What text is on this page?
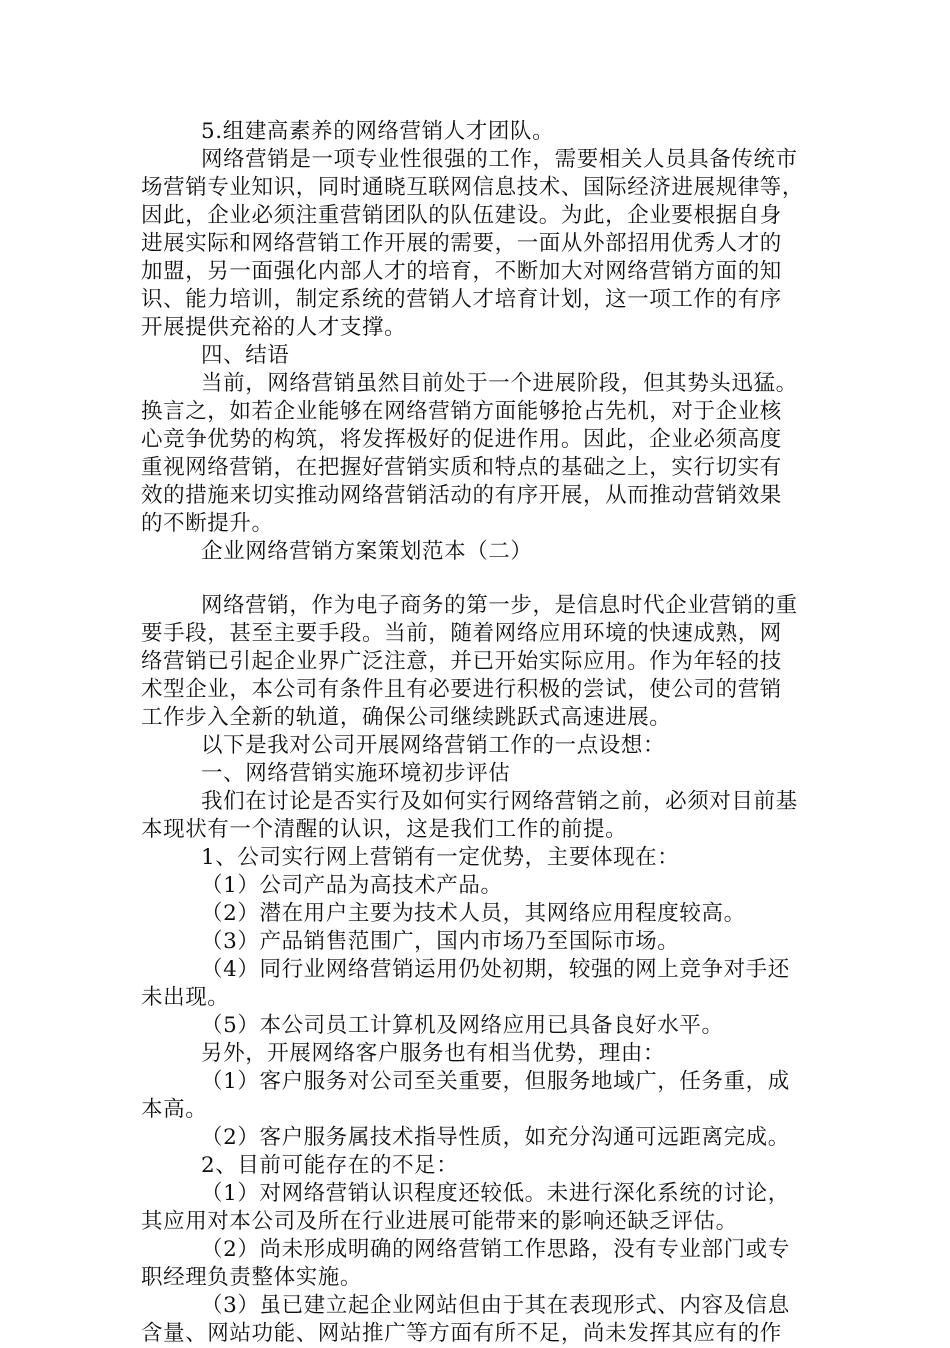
5.组建高素养的网络营销人才团队。
网络营销是一项专业性很强的工作，需要相关人员具备传统市
场营销专业知识，同时通晓互联网信息技术、国际经济进展规律等，
因此，企业必须注重营销团队的队伍建设。为此，企业要根据自身
进展实际和网络营销工作开展的需要，一面从外部招用优秀人才的
加盟，另一面强化内部人才的培育，不断加大对网络营销方面的知
识、能力培训，制定系统的营销人才培育计划，这一项工作的有序
开展提供充裕的人才支撑。
四、结语
当前，网络营销虽然目前处于一个进展阶段，但其势头迅猛。
换言之，如若企业能够在网络营销方面能够抢占先机，对于企业核
心竞争优势的构筑，将发挥极好的促进作用。因此，企业必须高度
重视网络营销，在把握好营销实质和特点的基础之上，实行切实有
效的措施来切实推动网络营销活动的有序开展，从而推动营销效果
的不断提升。
企业网络营销方案策划范本（二）
网络营销，作为电子商务的第一步，是信息时代企业营销的重
要手段，甚至主要手段。当前，随着网络应用环境的快速成熟，网
络营销已引起企业界广泛注意，并已开始实际应用。作为年轻的技
术型企业，本公司有条件且有必要进行积极的尝试，使公司的营销
工作步入全新的轨道，确保公司继续跳跃式高速进展。
以下是我对公司开展网络营销工作的一点设想：
一、网络营销实施环境初步评估
我们在讨论是否实行及如何实行网络营销之前，必须对目前基
本现状有一个清醒的认识，这是我们工作的前提。
1、公司实行网上营销有一定优势，主要体现在：
（1）公司产品为高技术产品。
（2）潜在用户主要为技术人员，其网络应用程度较高。
（3）产品销售范围广，国内市场乃至国际市场。
（4）同行业网络营销运用仍处初期，较强的网上竞争对手还
未出现。
（5）本公司员工计算机及网络应用已具备良好水平。
另外，开展网络客户服务也有相当优势，理由：
（1）客户服务对公司至关重要，但服务地域广，任务重，成
本高。
（2）客户服务属技术指导性质，如充分沟通可远距离完成。
2、目前可能存在的不足：
（1）对网络营销认识程度还较低。未进行深化系统的讨论，
其应用对本公司及所在行业进展可能带来的影响还缺乏评估。
（2）尚未形成明确的网络营销工作思路，没有专业部门或专
职经理负责整体实施。
（3）虽已建立起企业网站但由于其在表现形式、内容及信息
含量、网站功能、网站推广等方面有所不足，尚未发挥其应有的作
